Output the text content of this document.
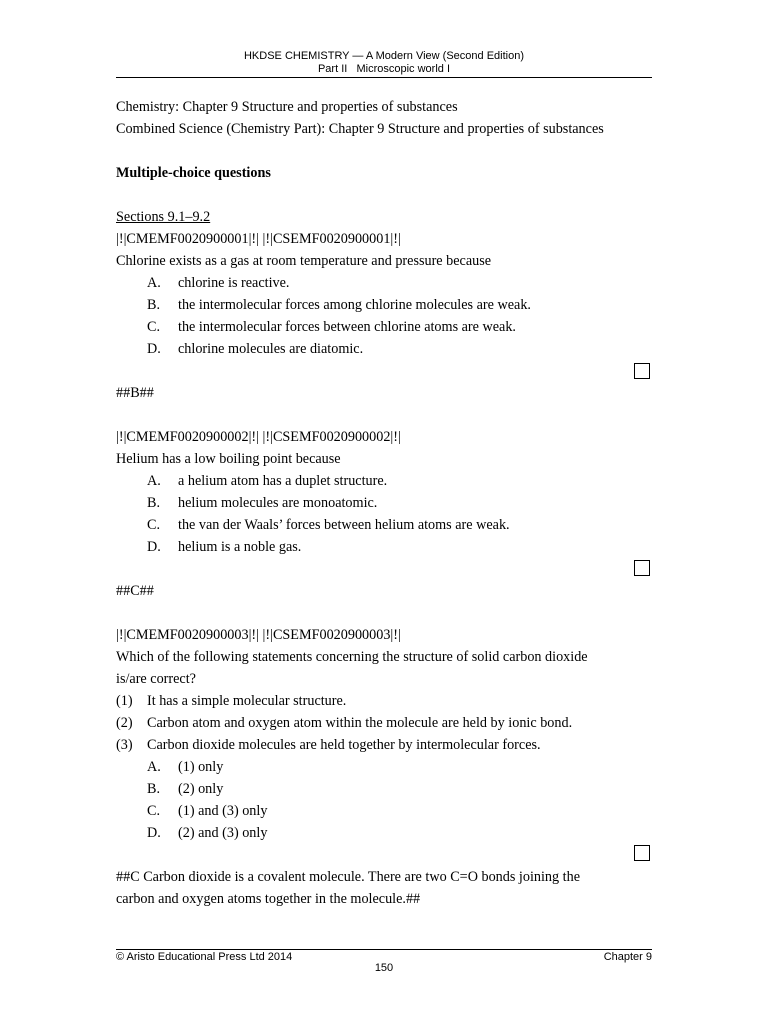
HKDSE CHEMISTRY — A Modern View (Second Edition)
Part II   Microscopic world I
Chemistry: Chapter 9 Structure and properties of substances
Combined Science (Chemistry Part): Chapter 9 Structure and properties of substances
Multiple-choice questions
Sections 9.1–9.2
|!|CMEMF0020900001|!| |!|CSEMF0020900001|!|
Chlorine exists as a gas at room temperature and pressure because
A. chlorine is reactive.
B. the intermolecular forces among chlorine molecules are weak.
C. the intermolecular forces between chlorine atoms are weak.
D. chlorine molecules are diatomic.
##B##
|!|CMEMF0020900002|!| |!|CSEMF0020900002|!|
Helium has a low boiling point because
A. a helium atom has a duplet structure.
B. helium molecules are monoatomic.
C. the van der Waals’ forces between helium atoms are weak.
D. helium is a noble gas.
##C##
|!|CMEMF0020900003|!| |!|CSEMF0020900003|!|
Which of the following statements concerning the structure of solid carbon dioxide
is/are correct?
(1) It has a simple molecular structure.
(2) Carbon atom and oxygen atom within the molecule are held by ionic bond.
(3) Carbon dioxide molecules are held together by intermolecular forces.
A. (1) only
B. (2) only
C. (1) and (3) only
D. (2) and (3) only
##C Carbon dioxide is a covalent molecule. There are two C=O bonds joining the
carbon and oxygen atoms together in the molecule.##
© Aristo Educational Press Ltd 2014	Chapter 9
150
